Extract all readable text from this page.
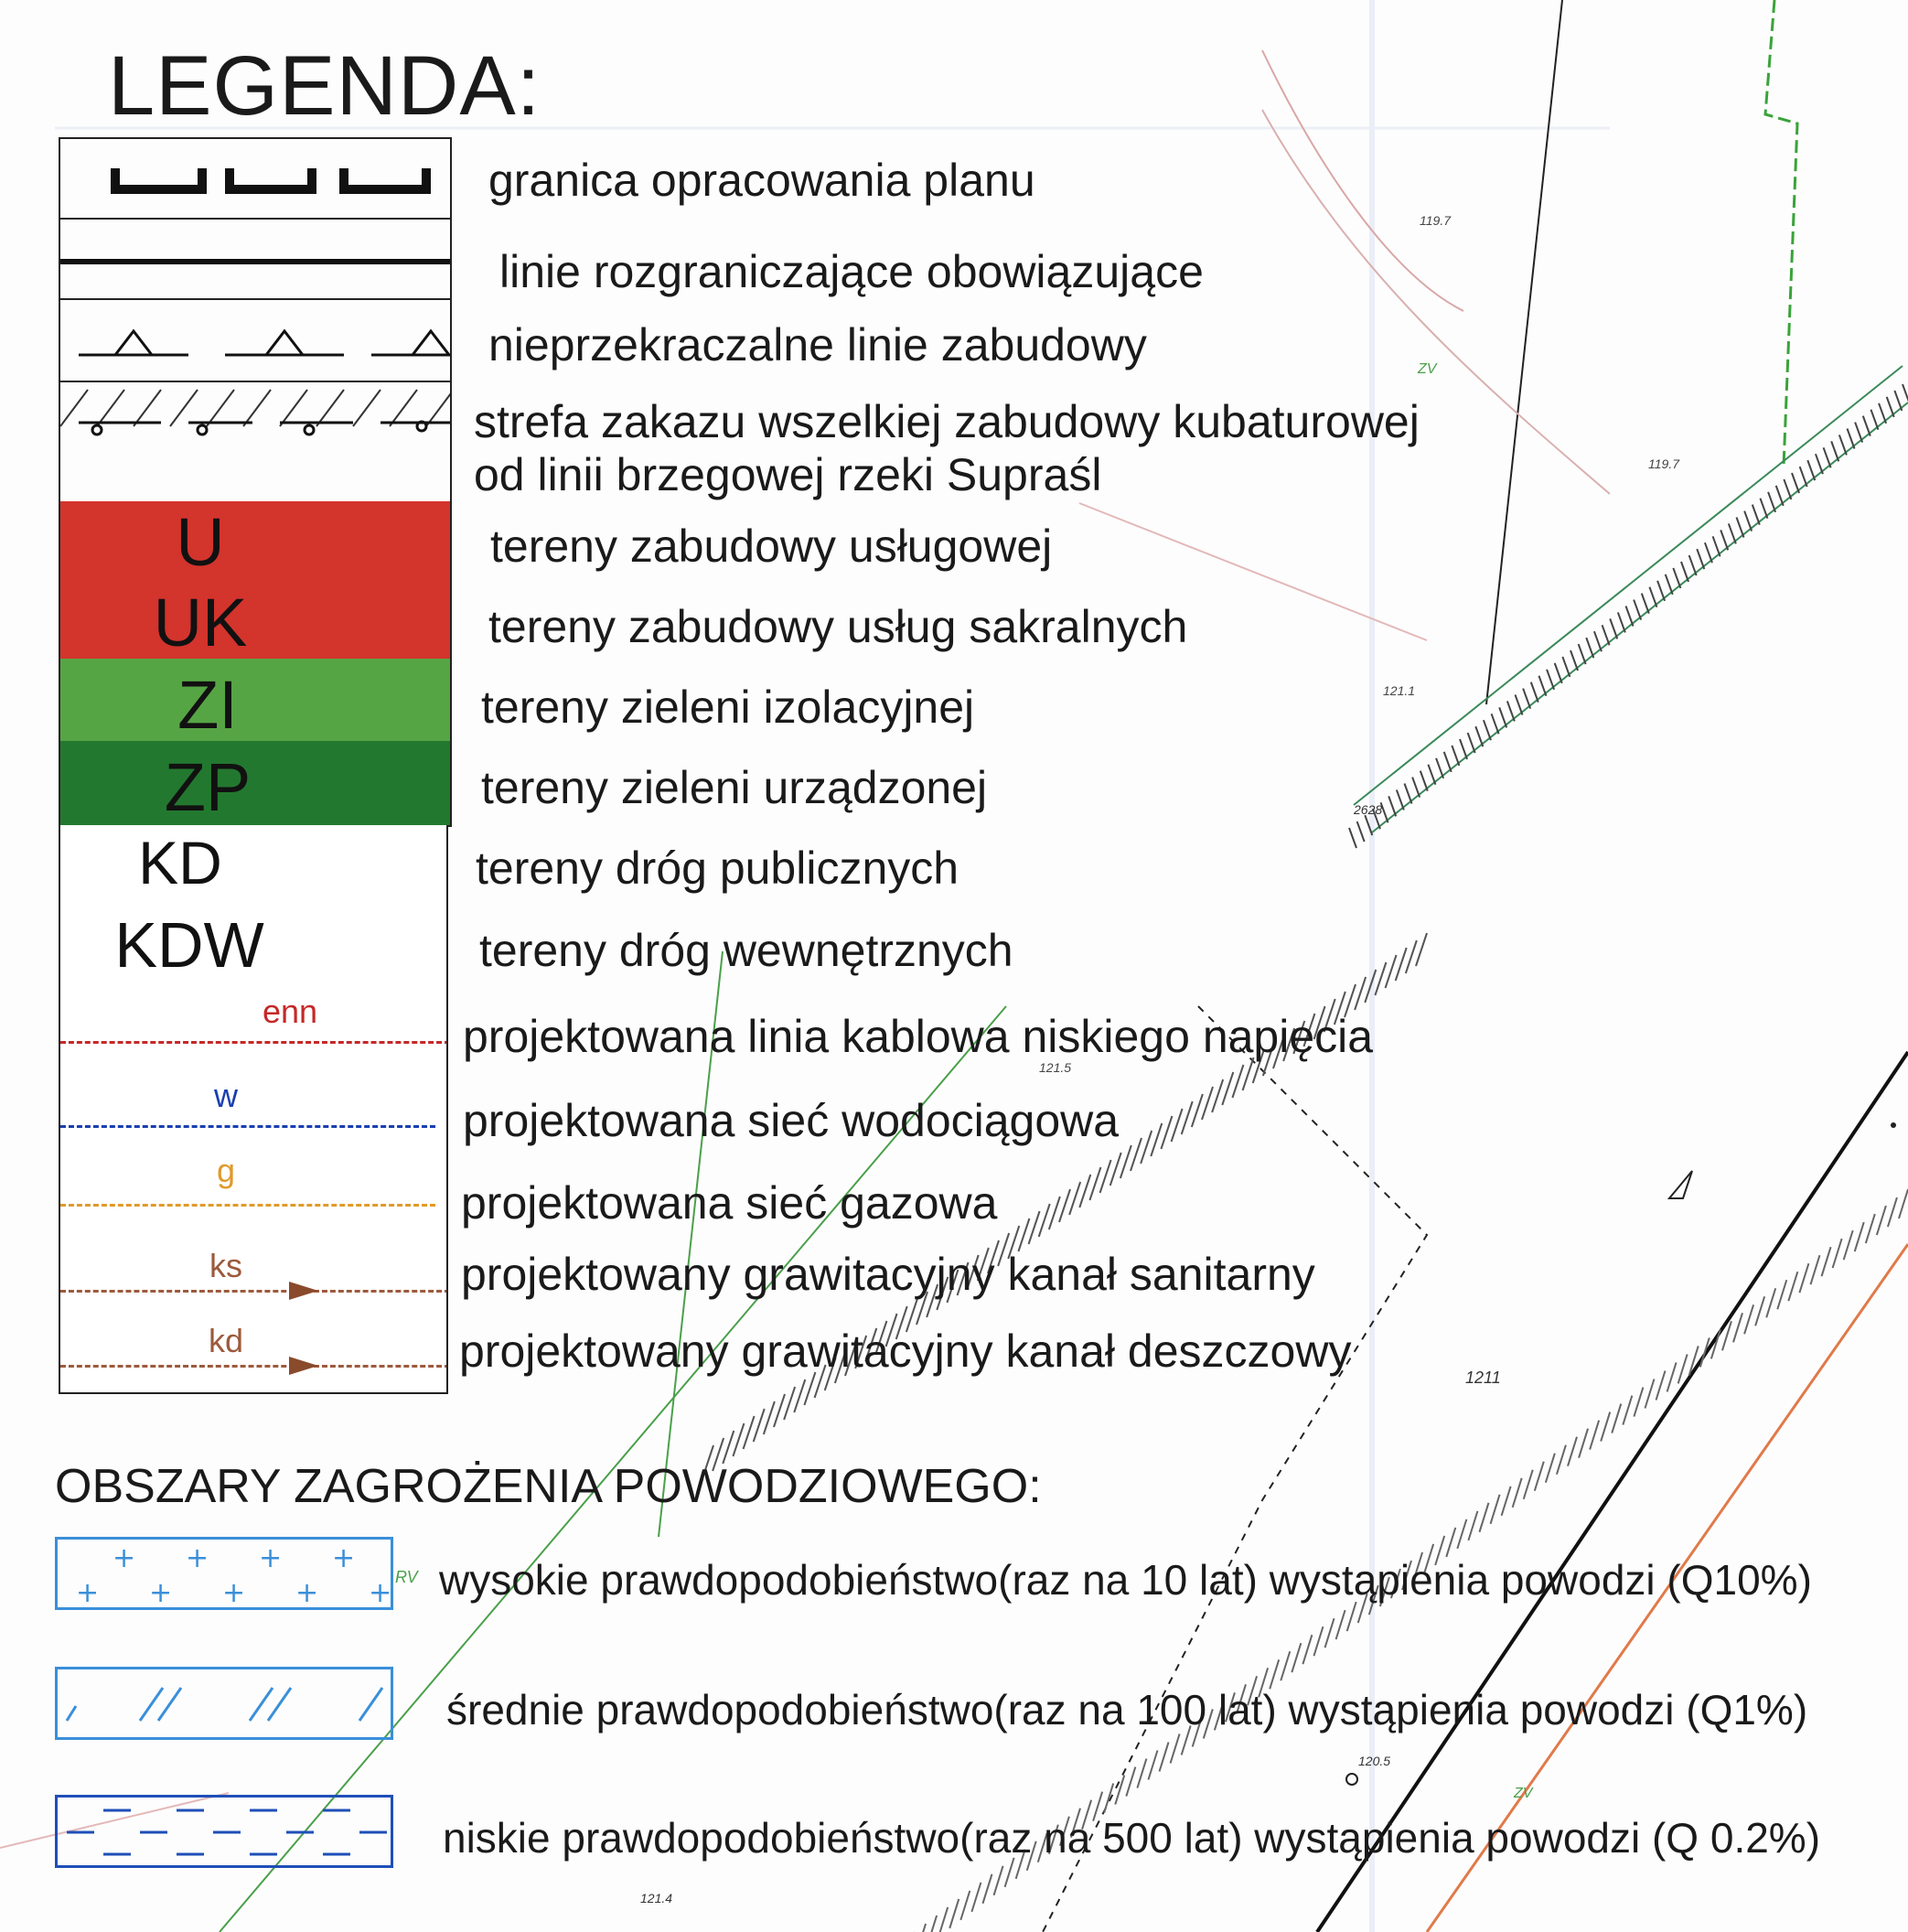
119.7
119.7
121.1
121.5
1211
120.5
121.4
2628
ZV
RV
ZV
LEGENDA:
U
UK
ZI
ZP
KD
KDW
enn
w
g
ks
kd
granica opracowania planu
linie rozgraniczające obowiązujące
nieprzekraczalne linie zabudowy
strefa zakazu wszelkiej zabudowy kubaturowej
od linii brzegowej rzeki Supraśl
tereny zabudowy usługowej
tereny zabudowy usług sakralnych
tereny zieleni izolacyjnej
tereny zieleni urządzonej
tereny dróg publicznych
tereny dróg wewnętrznych
projektowana linia kablowa niskiego napięcia
projektowana sieć wodociągowa
projektowana sieć gazowa
projektowany grawitacyjny kanał sanitarny
projektowany grawitacyjny kanał deszczowy
OBSZARY ZAGROŻENIA POWODZIOWEGO:
+ + + +
+ + + + + wysokie prawdopodobieństwo(raz na 10 lat) wystąpienia powodzi (Q10%)
średnie prawdopodobieństwo(raz na 100 lat) wystąpienia powodzi (Q1%)
niskie prawdopodobieństwo(raz na 500 lat) wystąpienia powodzi (Q 0.2%)
